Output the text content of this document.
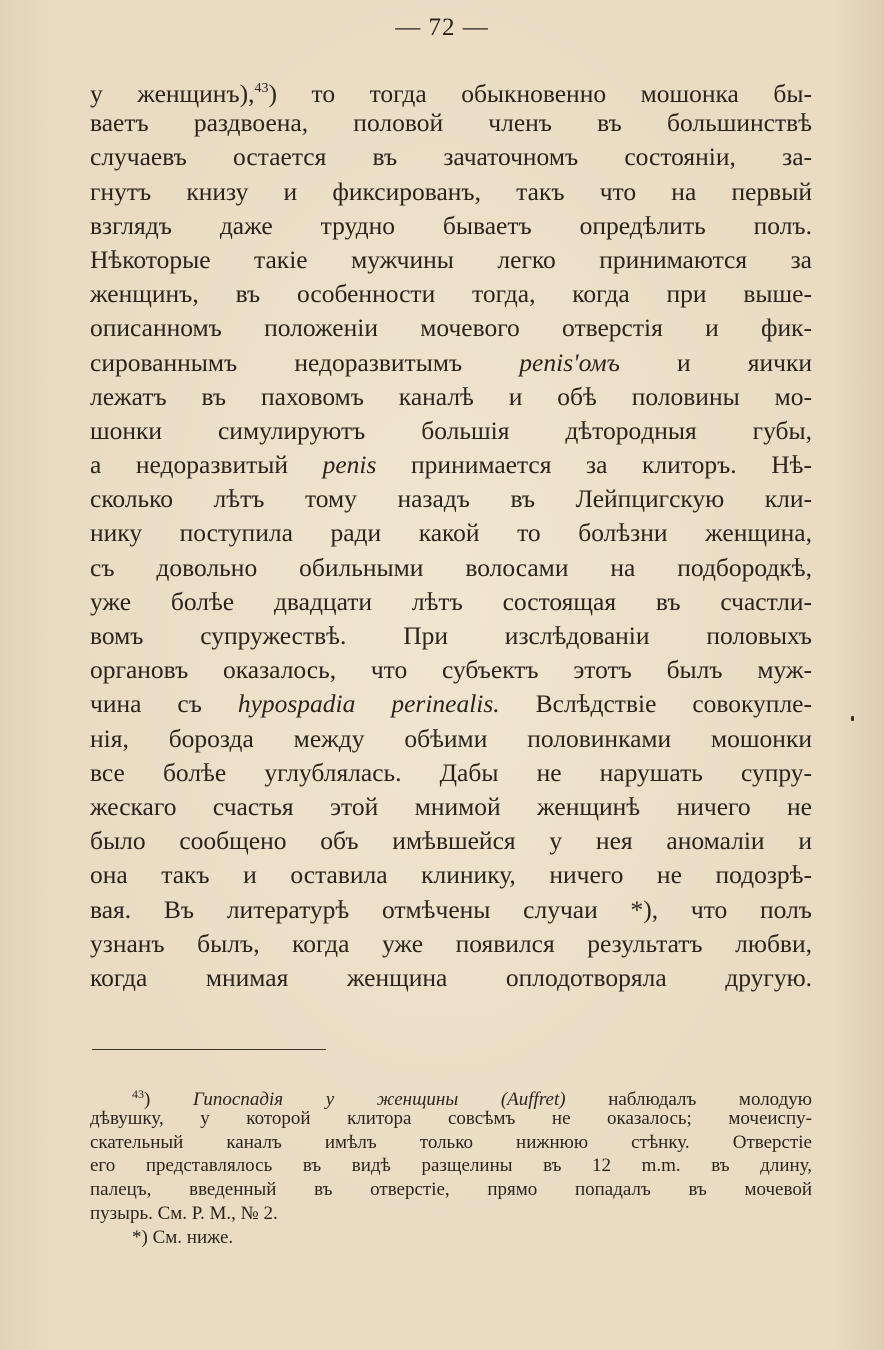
— 72 —
у женщинъ),$^{43}$) то тогда обыкновенно мошонка бы-
ваетъ раздвоена, половой членъ въ большинствѣ
случаевъ остается въ зачаточномъ состоянiи, за-
гнутъ книзу и фиксированъ, такъ что на первый
взглядъ даже трудно бываетъ опредѣлить полъ.
Нѣкоторые такiе мужчины легко принимаются за
женщинъ, въ особенности тогда, когда при выше-
описанномъ положенiи мочевого отверстiя и фик-
сированнымъ недоразвитымъ penis'омъ и яички
лежатъ въ паховомъ каналѣ и обѣ половины мо-
шонки симулируютъ большiя дѣторoдныя губы,
а недоразвитый penis принимается за клиторъ. Нѣ-
сколько лѣтъ тому назадъ въ Лейпцигскую кли-
нику поступила ради какой то болѣзни женщина,
съ довольно обильными волосами на подбородкѣ,
уже болѣе двадцати лѣтъ состоящая въ счастли-
вомъ супружествѣ. При изслѣдованiи половыхъ
органовъ оказалось, что субъектъ этотъ былъ муж-
чина съ hypospadia perinealis. Вслѣдствiе совокупле-
нiя, борозда между обѣими половинками мошонки
все болѣе углублялась. Дабы не нарушать супру-
жескаго счастья этой мнимой женщинѣ ничего не
было сообщено объ имѣвшейся у нея аномалiи и
она такъ и оставила клинику, ничего не подозрѣ-
вая. Въ литературѣ отмѣчены случаи *), что полъ
узнанъ былъ, когда уже появился результатъ любви,
когда мнимая женщина оплодотворяла другую.
$^{43}$) Гипоспадiя у женщины (Auffret) наблюдалъ молодую
дѣвушку, у которой клитора совсѣмъ не оказалось; мочеиспу-
скательный каналъ имѣлъ только нижнюю стѣнку. Отверстiе
его представлялось въ видѣ разщелины въ 12 m.m. въ длину,
палецъ, введенный въ отверстiе, прямо попадалъ въ мочевой
пузырь. См. Р. М., № 2.
*) См. ниже.
